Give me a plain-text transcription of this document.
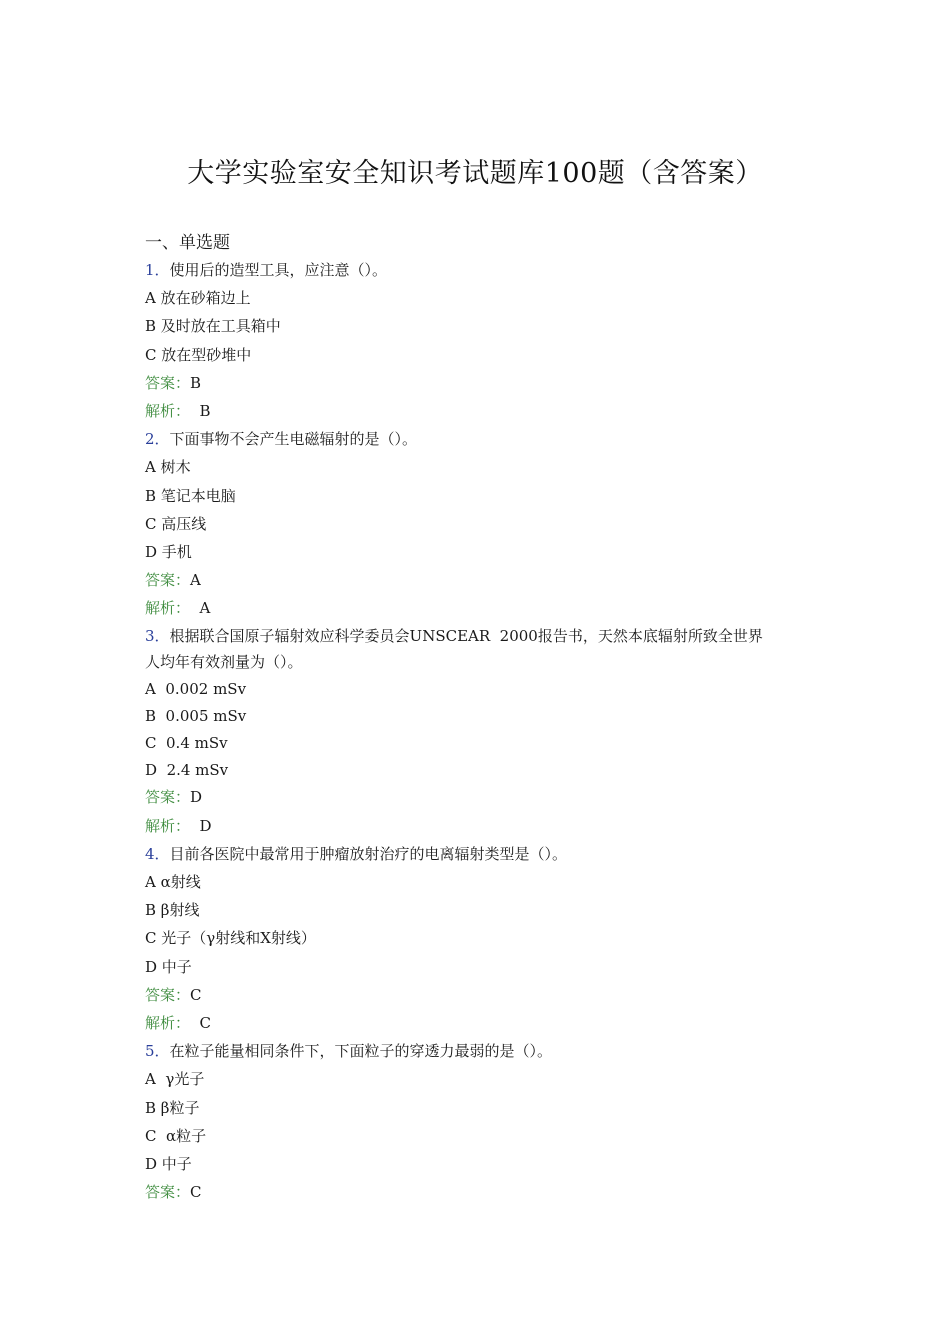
大学实验室安全知识考试题库100题（含答案）
一、单选题
1．使用后的造型工具，应注意（）。
A 放在砂箱边上
B 及时放在工具箱中
C 放在型砂堆中
答案：B
解析：  B
2．下面事物不会产生电磁辐射的是（）。
A 树木
B 笔记本电脑
C 高压线
D 手机
答案：A
解析：  A
3．根据联合国原子辐射效应科学委员会UNSCEAR  2000报告书，天然本底辐射所致全世界
人均年有效剂量为（）。
A  0.002 mSv
B  0.005 mSv
C  0.4 mSv
D  2.4 mSv
答案：D
解析：  D
4．目前各医院中最常用于肿瘤放射治疗的电离辐射类型是（）。
A α射线
B β射线
C 光子（γ射线和X射线）
D 中子
答案：C
解析：  C
5．在粒子能量相同条件下，下面粒子的穿透力最弱的是（）。
A  γ光子
B β粒子
C  α粒子
D 中子
答案：C
